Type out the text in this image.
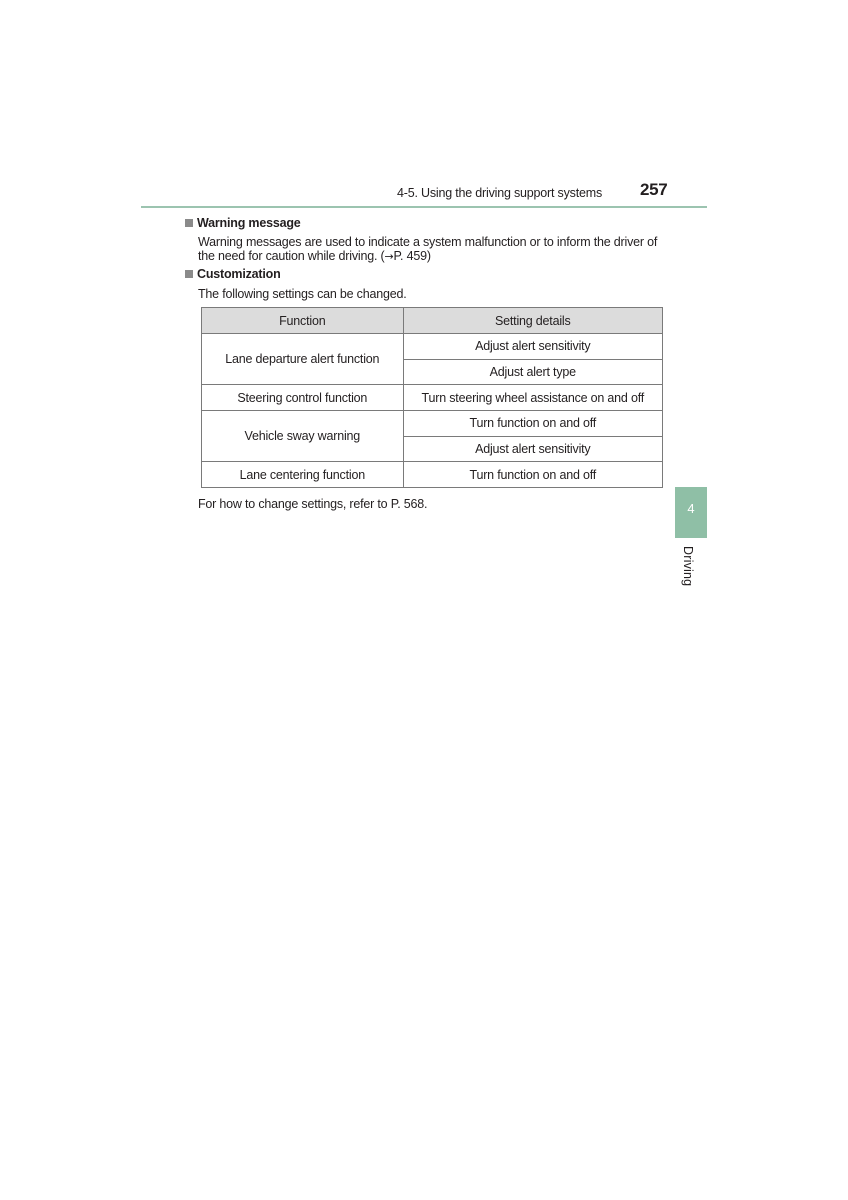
4-5. Using the driving support systems 257
Warning message
Warning messages are used to indicate a system malfunction or to inform the driver of
the need for caution while driving. (→P. 459)
Customization
The following settings can be changed.
Function	Setting details
Lane departure alert function	Adjust alert sensitivity
	Adjust alert type
Steering control function	Turn steering wheel assistance on and off
Vehicle sway warning	Turn function on and off
	Adjust alert sensitivity
Lane centering function	Turn function on and off
For how to change settings, refer to P. 568.	4
Driving
